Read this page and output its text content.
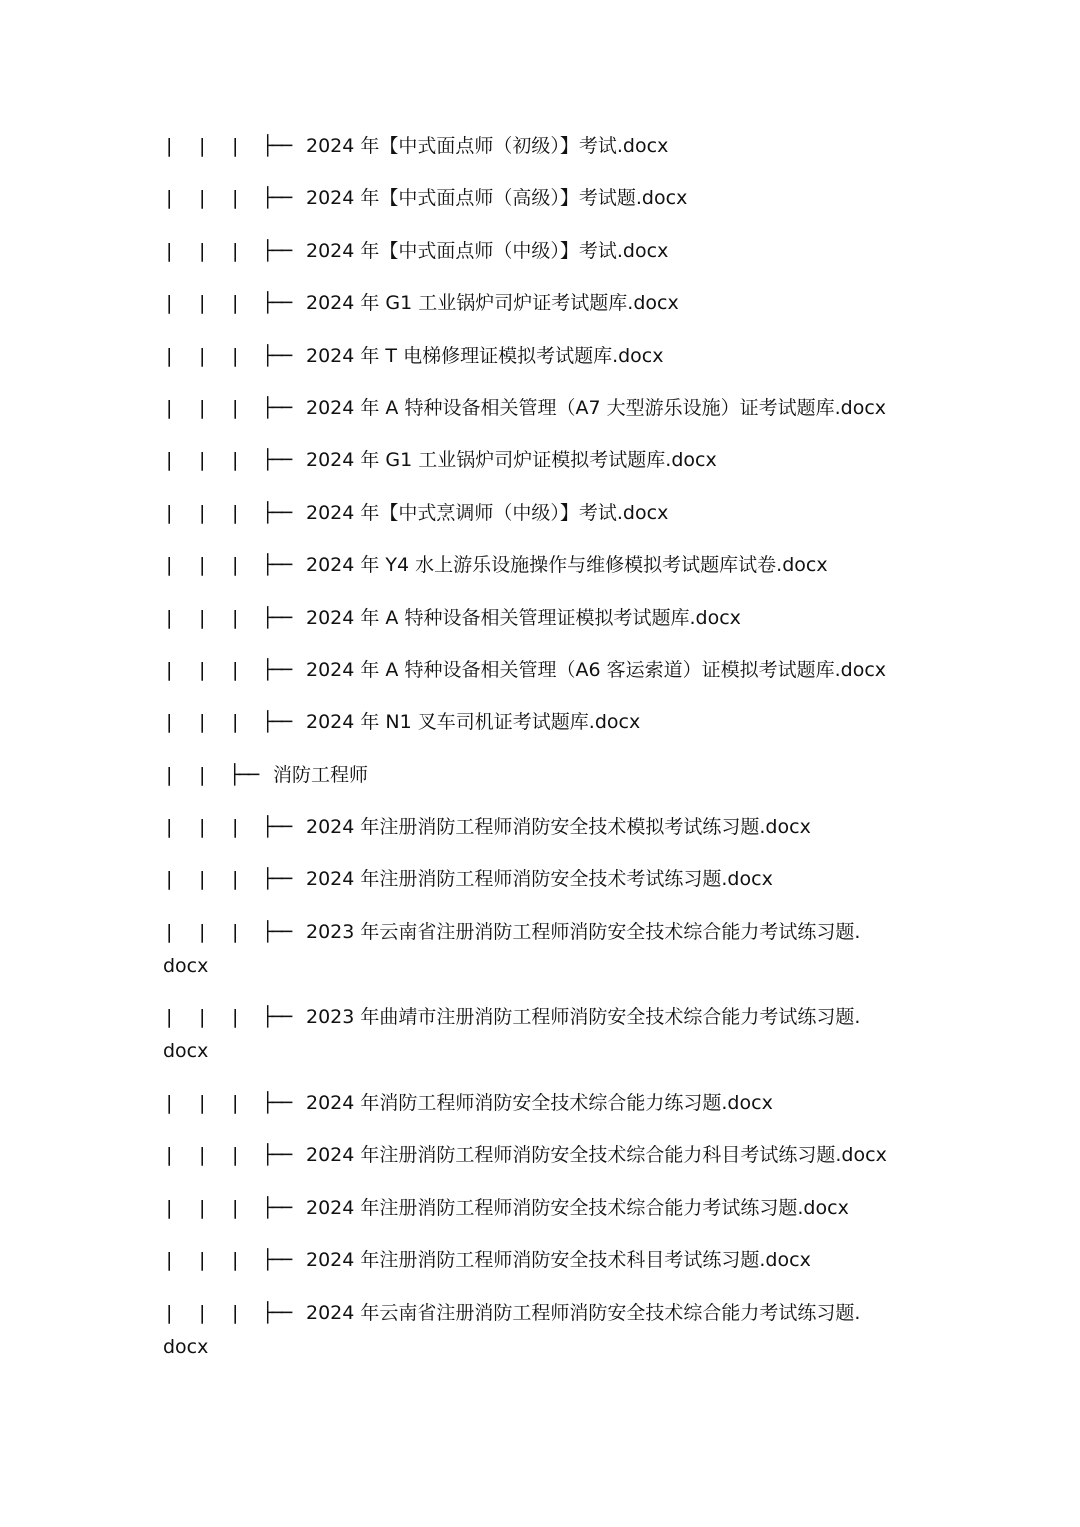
|	|	|	├── 2024 年【中式面点师（初级）】考试.docx
|	|	|	├── 2024 年【中式面点师（高级）】考试题.docx
|	|	|	├── 2024 年【中式面点师（中级）】考试.docx
|	|	|	├── 2024 年 G1 工业锅炉司炉证考试题库.docx
|	|	|	├── 2024 年 T 电梯修理证模拟考试题库.docx
|	|	|	├── 2024 年 A 特种设备相关管理（A7 大型游乐设施）证考试题库.docx
|	|	|	├── 2024 年 G1 工业锅炉司炉证模拟考试题库.docx
|	|	|	├── 2024 年【中式烹调师（中级）】考试.docx
|	|	|	├── 2024 年 Y4 水上游乐设施操作与维修模拟考试题库试卷.docx
|	|	|	├── 2024 年 A 特种设备相关管理证模拟考试题库.docx
|	|	|	├── 2024 年 A 特种设备相关管理（A6 客运索道）证模拟考试题库.docx
|	|	|	├── 2024 年 N1 叉车司机证考试题库.docx
|	|	├── 消防工程师
|	|	|	├── 2024 年注册消防工程师消防安全技术模拟考试练习题.docx
|	|	|	├── 2024 年注册消防工程师消防安全技术考试练习题.docx
| | | ├── 2023 年云南省注册消防工程师消防安全技术综合能力考试练习题.docx
| | | ├── 2023 年曲靖市注册消防工程师消防安全技术综合能力考试练习题.docx
|	|	|	├── 2024 年消防工程师消防安全技术综合能力练习题.docx
|	|	|	├── 2024 年注册消防工程师消防安全技术综合能力科目考试练习题.docx
|	|	|	├── 2024 年注册消防工程师消防安全技术综合能力考试练习题.docx
|	|	|	├── 2024 年注册消防工程师消防安全技术科目考试练习题.docx
| | | ├── 2024 年云南省注册消防工程师消防安全技术综合能力考试练习题.docx
